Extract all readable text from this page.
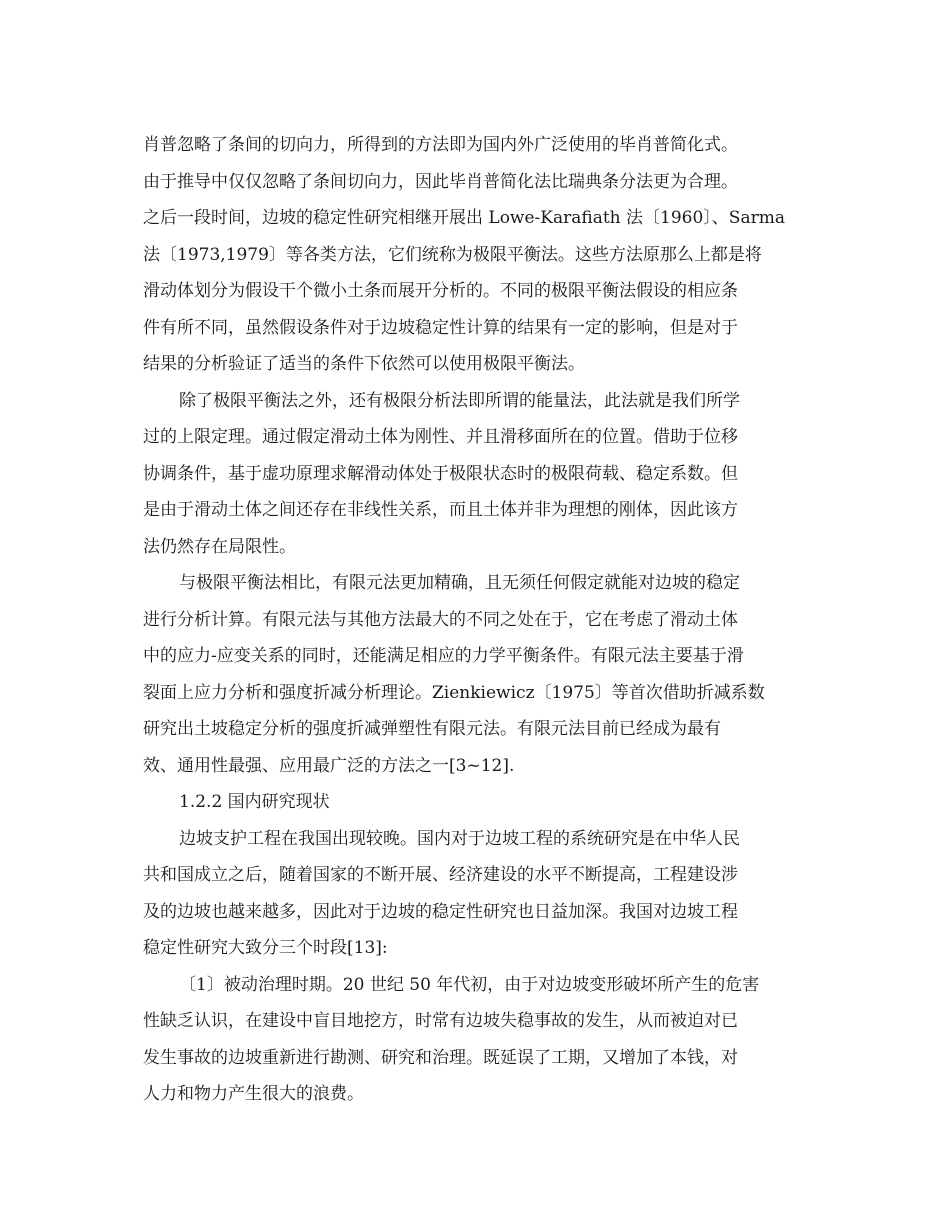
肖普忽略了条间的切向力，所得到的方法即为国内外广泛使用的毕肖普简化式。
由于推导中仅仅忽略了条间切向力，因此毕肖普简化法比瑞典条分法更为合理。
之后一段时间，边坡的稳定性研究相继开展出 Lowe-Karafiath 法〔1960〕、Sarma
法〔1973,1979〕等各类方法，它们统称为极限平衡法。这些方法原那么上都是将
滑动体划分为假设干个微小土条而展开分析的。不同的极限平衡法假设的相应条
件有所不同，虽然假设条件对于边坡稳定性计算的结果有一定的影响，但是对于
结果的分析验证了适当的条件下依然可以使用极限平衡法。
除了极限平衡法之外，还有极限分析法即所谓的能量法，此法就是我们所学
过的上限定理。通过假定滑动土体为刚性、并且滑移面所在的位置。借助于位移
协调条件，基于虚功原理求解滑动体处于极限状态时的极限荷载、稳定系数。但
是由于滑动土体之间还存在非线性关系，而且土体并非为理想的刚体，因此该方
法仍然存在局限性。
与极限平衡法相比，有限元法更加精确，且无须任何假定就能对边坡的稳定
进行分析计算。有限元法与其他方法最大的不同之处在于，它在考虑了滑动土体
中的应力-应变关系的同时，还能满足相应的力学平衡条件。有限元法主要基于滑
裂面上应力分析和强度折减分析理论。Zienkiewicz〔1975〕等首次借助折减系数
研究出土坡稳定分析的强度折减弹塑性有限元法。有限元法目前已经成为最有
效、通用性最强、应用最广泛的方法之一[3~12].
1.2.2 国内研究现状
边坡支护工程在我国出现较晚。国内对于边坡工程的系统研究是在中华人民
共和国成立之后，随着国家的不断开展、经济建设的水平不断提高，工程建设涉
及的边坡也越来越多，因此对于边坡的稳定性研究也日益加深。我国对边坡工程
稳定性研究大致分三个时段[13]:
〔1〕被动治理时期。20 世纪 50 年代初，由于对边坡变形破坏所产生的危害
性缺乏认识，在建设中盲目地挖方，时常有边坡失稳事故的发生，从而被迫对已
发生事故的边坡重新进行勘测、研究和治理。既延误了工期，又增加了本钱，对
人力和物力产生很大的浪费。
